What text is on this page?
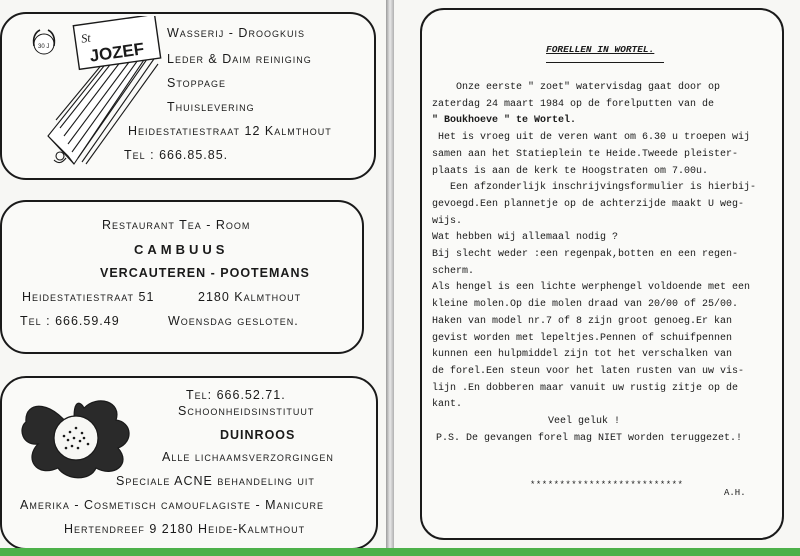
St
JOZEF
30 J
Wasserij - Droogkuis
Leder & Daim reiniging
Stoppage
Thuislevering
Heidestatiestraat 12 Kalmthout
Tel : 666.85.85.
Restaurant Tea - Room
CAMBUUS
VERCAUTEREN - POOTEMANS
Heidestatiestraat 51	2180 Kalmthout
Tel : 666.59.49	Woensdag gesloten.
Tel: 666.52.71.
Schoonheidsinstituut
DUINROOS
Alle lichaamsverzorgingen
Speciale ACNE behandeling uit
Amerika - Cosmetisch camouflagiste - Manicure
Hertendreef 9 2180 Heide-Kalmthout
FORELLEN IN WORTEL.
Onze eerste " zoet" watervisdag gaat door op
zaterdag 24 maart 1984 op de forelputten van de
" Boukhoeve " te Wortel.
Het is vroeg uit de veren want om 6.30 u troepen wij
samen aan het Statieplein te Heide.Tweede pleister-
plaats is aan de kerk te Hoogstraten om 7.00u.
Een afzonderlijk inschrijvingsformulier is hierbij-
gevoegd.Een plannetje op de achterzijde maakt U weg-
wijs.
Wat hebben wij allemaal nodig ?
Bij slecht weder :een regenpak,botten en een regen-
scherm.
Als hengel is een lichte werphengel voldoende met een
kleine molen.Op die molen draad van 20/00 of 25/00.
Haken van model nr.7 of 8 zijn groot genoeg.Er kan
gevist worden met lepeltjes.Pennen of schuifpennen
kunnen een hulpmiddel zijn tot het verschalken van
de forel.Een steun voor het laten rusten van uw vis-
lijn .En dobberen maar vanuit uw rustig zitje op de
kant.
Veel geluk !
P.S. De gevangen forel mag NIET worden teruggezet.!
**************************
A.H.
